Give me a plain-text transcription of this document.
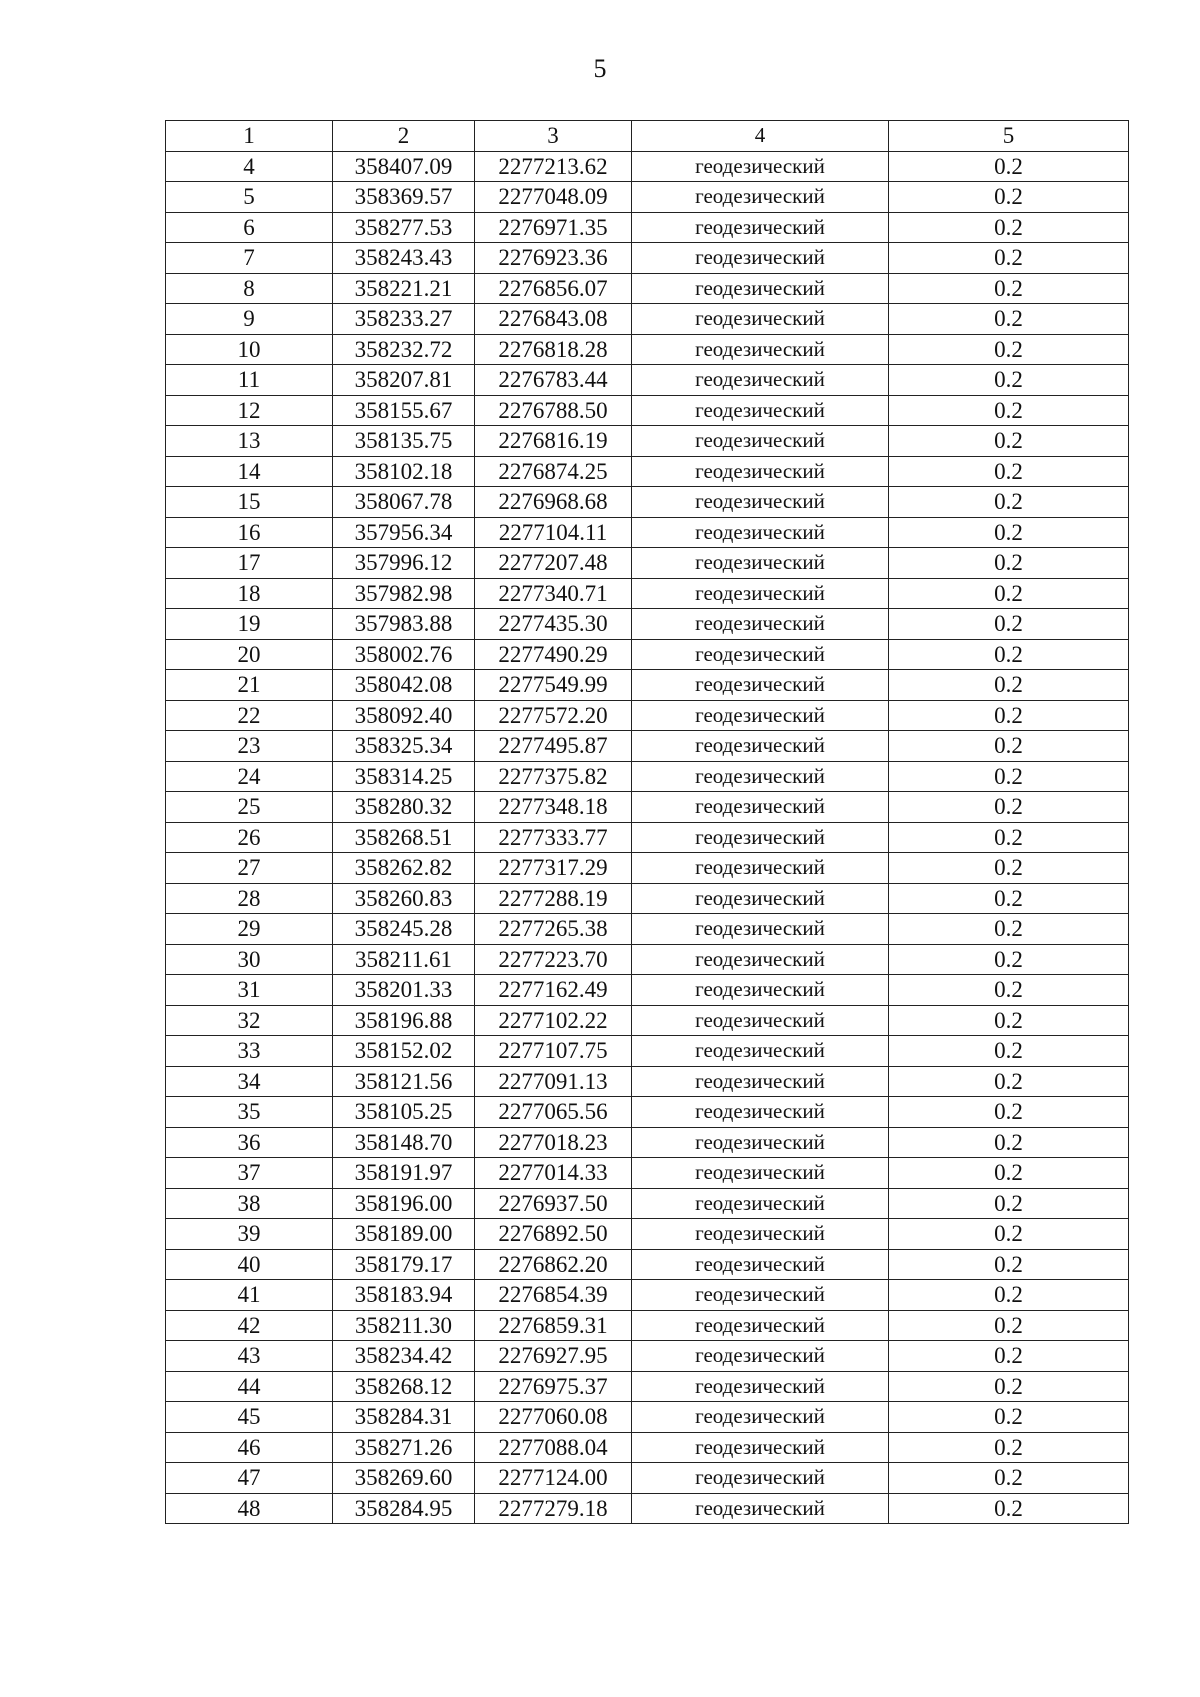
5
1	2	3	4	5
4	358407.09	2277213.62	геодезический	0.2
5	358369.57	2277048.09	геодезический	0.2
6	358277.53	2276971.35	геодезический	0.2
7	358243.43	2276923.36	геодезический	0.2
8	358221.21	2276856.07	геодезический	0.2
9	358233.27	2276843.08	геодезический	0.2
10	358232.72	2276818.28	геодезический	0.2
11	358207.81	2276783.44	геодезический	0.2
12	358155.67	2276788.50	геодезический	0.2
13	358135.75	2276816.19	геодезический	0.2
14	358102.18	2276874.25	геодезический	0.2
15	358067.78	2276968.68	геодезический	0.2
16	357956.34	2277104.11	геодезический	0.2
17	357996.12	2277207.48	геодезический	0.2
18	357982.98	2277340.71	геодезический	0.2
19	357983.88	2277435.30	геодезический	0.2
20	358002.76	2277490.29	геодезический	0.2
21	358042.08	2277549.99	геодезический	0.2
22	358092.40	2277572.20	геодезический	0.2
23	358325.34	2277495.87	геодезический	0.2
24	358314.25	2277375.82	геодезический	0.2
25	358280.32	2277348.18	геодезический	0.2
26	358268.51	2277333.77	геодезический	0.2
27	358262.82	2277317.29	геодезический	0.2
28	358260.83	2277288.19	геодезический	0.2
29	358245.28	2277265.38	геодезический	0.2
30	358211.61	2277223.70	геодезический	0.2
31	358201.33	2277162.49	геодезический	0.2
32	358196.88	2277102.22	геодезический	0.2
33	358152.02	2277107.75	геодезический	0.2
34	358121.56	2277091.13	геодезический	0.2
35	358105.25	2277065.56	геодезический	0.2
36	358148.70	2277018.23	геодезический	0.2
37	358191.97	2277014.33	геодезический	0.2
38	358196.00	2276937.50	геодезический	0.2
39	358189.00	2276892.50	геодезический	0.2
40	358179.17	2276862.20	геодезический	0.2
41	358183.94	2276854.39	геодезический	0.2
42	358211.30	2276859.31	геодезический	0.2
43	358234.42	2276927.95	геодезический	0.2
44	358268.12	2276975.37	геодезический	0.2
45	358284.31	2277060.08	геодезический	0.2
46	358271.26	2277088.04	геодезический	0.2
47	358269.60	2277124.00	геодезический	0.2
48	358284.95	2277279.18	геодезический	0.2
